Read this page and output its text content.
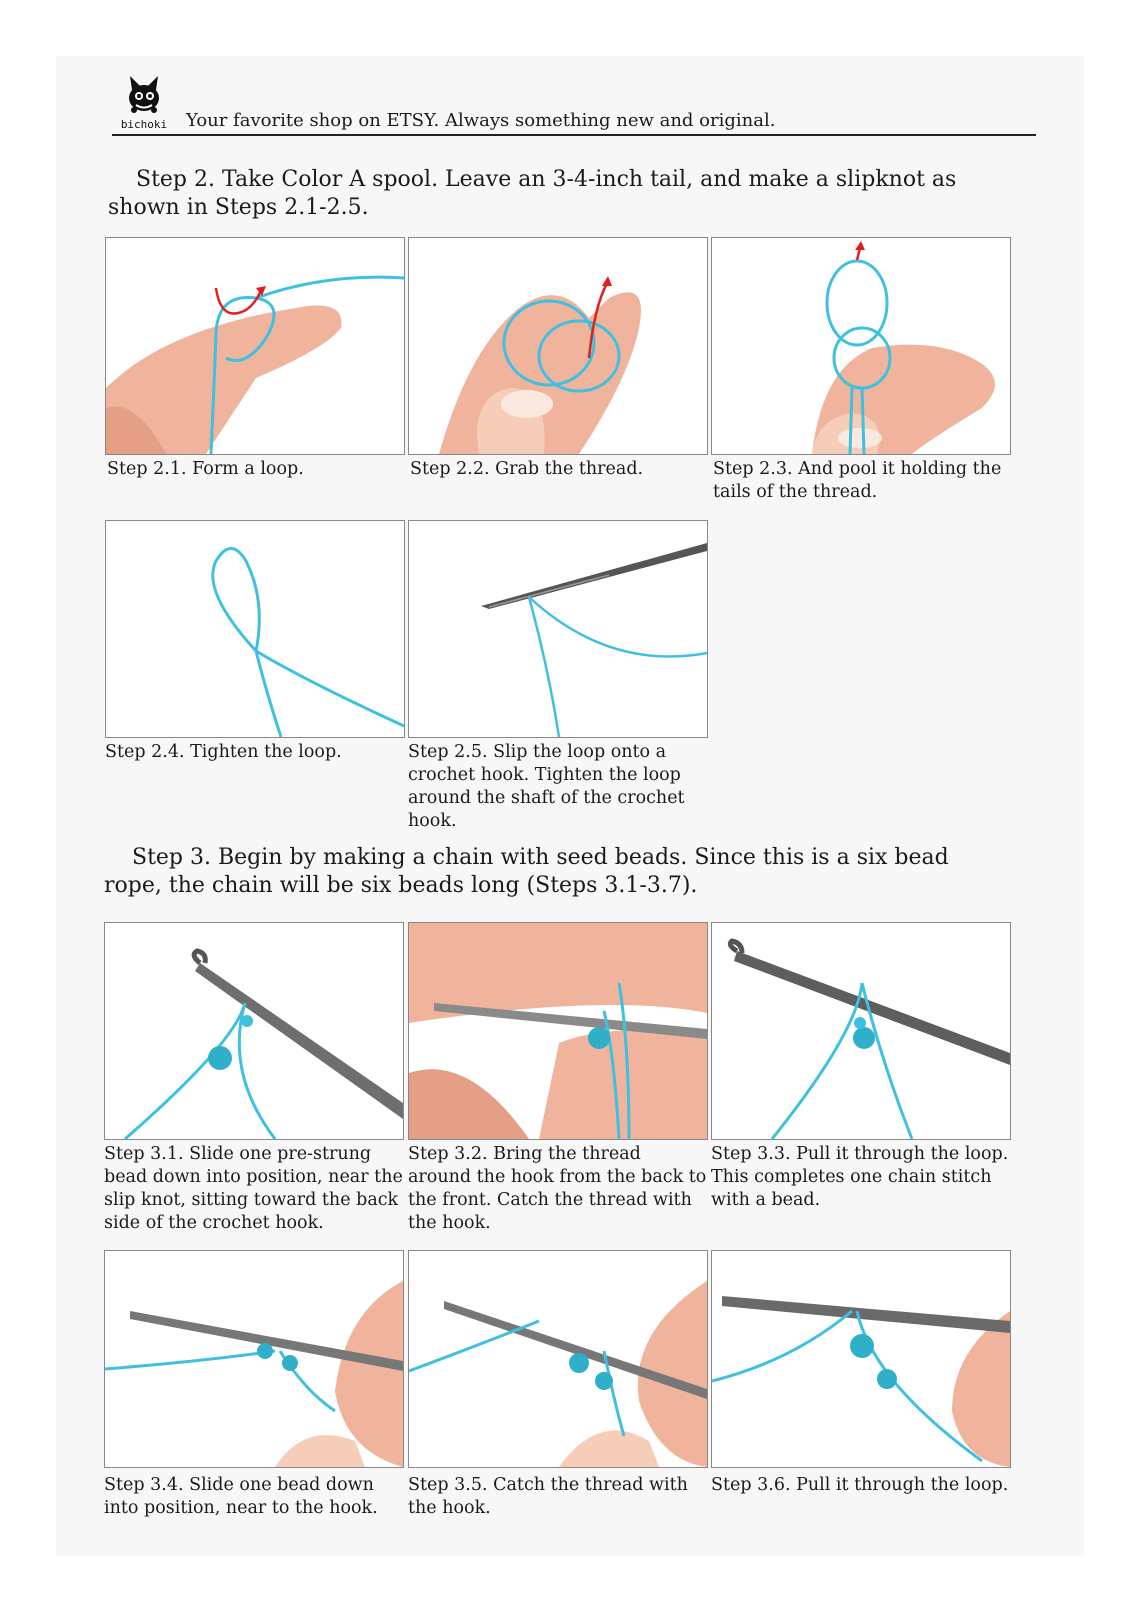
bichoki Your favorite shop on ETSY. Always something new and original.
Step 2. Take Color A spool. Leave an 3-4-inch tail, and make a slipknot as shown in Steps 2.1-2.5.
Step 2.1. Form a loop.	Step 2.2. Grab the thread.	Step 2.3. And pool it holding the tails of the thread.
Step 2.4. Tighten the loop.	Step 2.5. Slip the loop onto a crochet hook. Tighten the loop around the shaft of the crochet hook.
Step 3. Begin by making a chain with seed beads. Since this is a six bead rope, the chain will be six beads long (Steps 3.1-3.7).
Step 3.1. Slide one pre-strung bead down into position, near the slip knot, sitting toward the back side of the crochet hook.
Step 3.2. Bring the thread around the hook from the back to the front. Catch the thread with the hook.
Step 3.3. Pull it through the loop. This completes one chain stitch with a bead.
Step 3.4. Slide one bead down into position, near to the hook.
Step 3.5. Catch the thread with the hook.
Step 3.6. Pull it through the loop.
